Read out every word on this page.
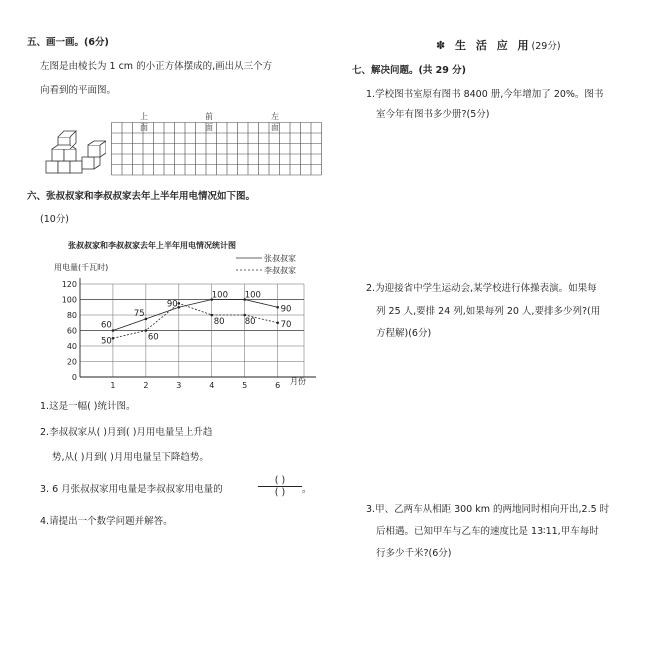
五、画一画。(6分)
左图是由棱长为 1 cm 的小正方体摆成的,画出从三个方
向看到的平面图。
上面
前面
左面
六、张叔叔家和李叔叔家去年上半年用电情况如下图。
(10分)
张叔叔家和李叔叔家去年上半年用电情况统计图
用电量(千瓦时)
月份
张叔叔家
李叔叔家
0
20
40
60
80
100
120
1	2	3	4	5	6
60
75
90
100 100
90
50	60
80 80	70
1.这是一幅( )统计图。
2.李叔叔家从( )月到( )月用电量呈上升趋
势,从( )月到( )月用电量呈下降趋势。
3. 6 月张叔叔家用电量是李叔叔家用电量的
( )
( )	。
4.请提出一个数学问题并解答。
✽ 生 活 应 用(29分)
七、解决问题。(共 29 分)
1.学校图书室原有图书 8400 册,今年增加了 20%。图书
室今年有图书多少册?(5分)
2.为迎接省中学生运动会,某学校进行体操表演。如果每
列 25 人,要排 24 列,如果每列 20 人,要排多少列?(用
方程解)(6分)
3.甲、乙两车从相距 300 km 的两地同时相向开出,2.5 时
后相遇。已知甲车与乙车的速度比是 13∶11,甲车每时
行多少千米?(6分)
